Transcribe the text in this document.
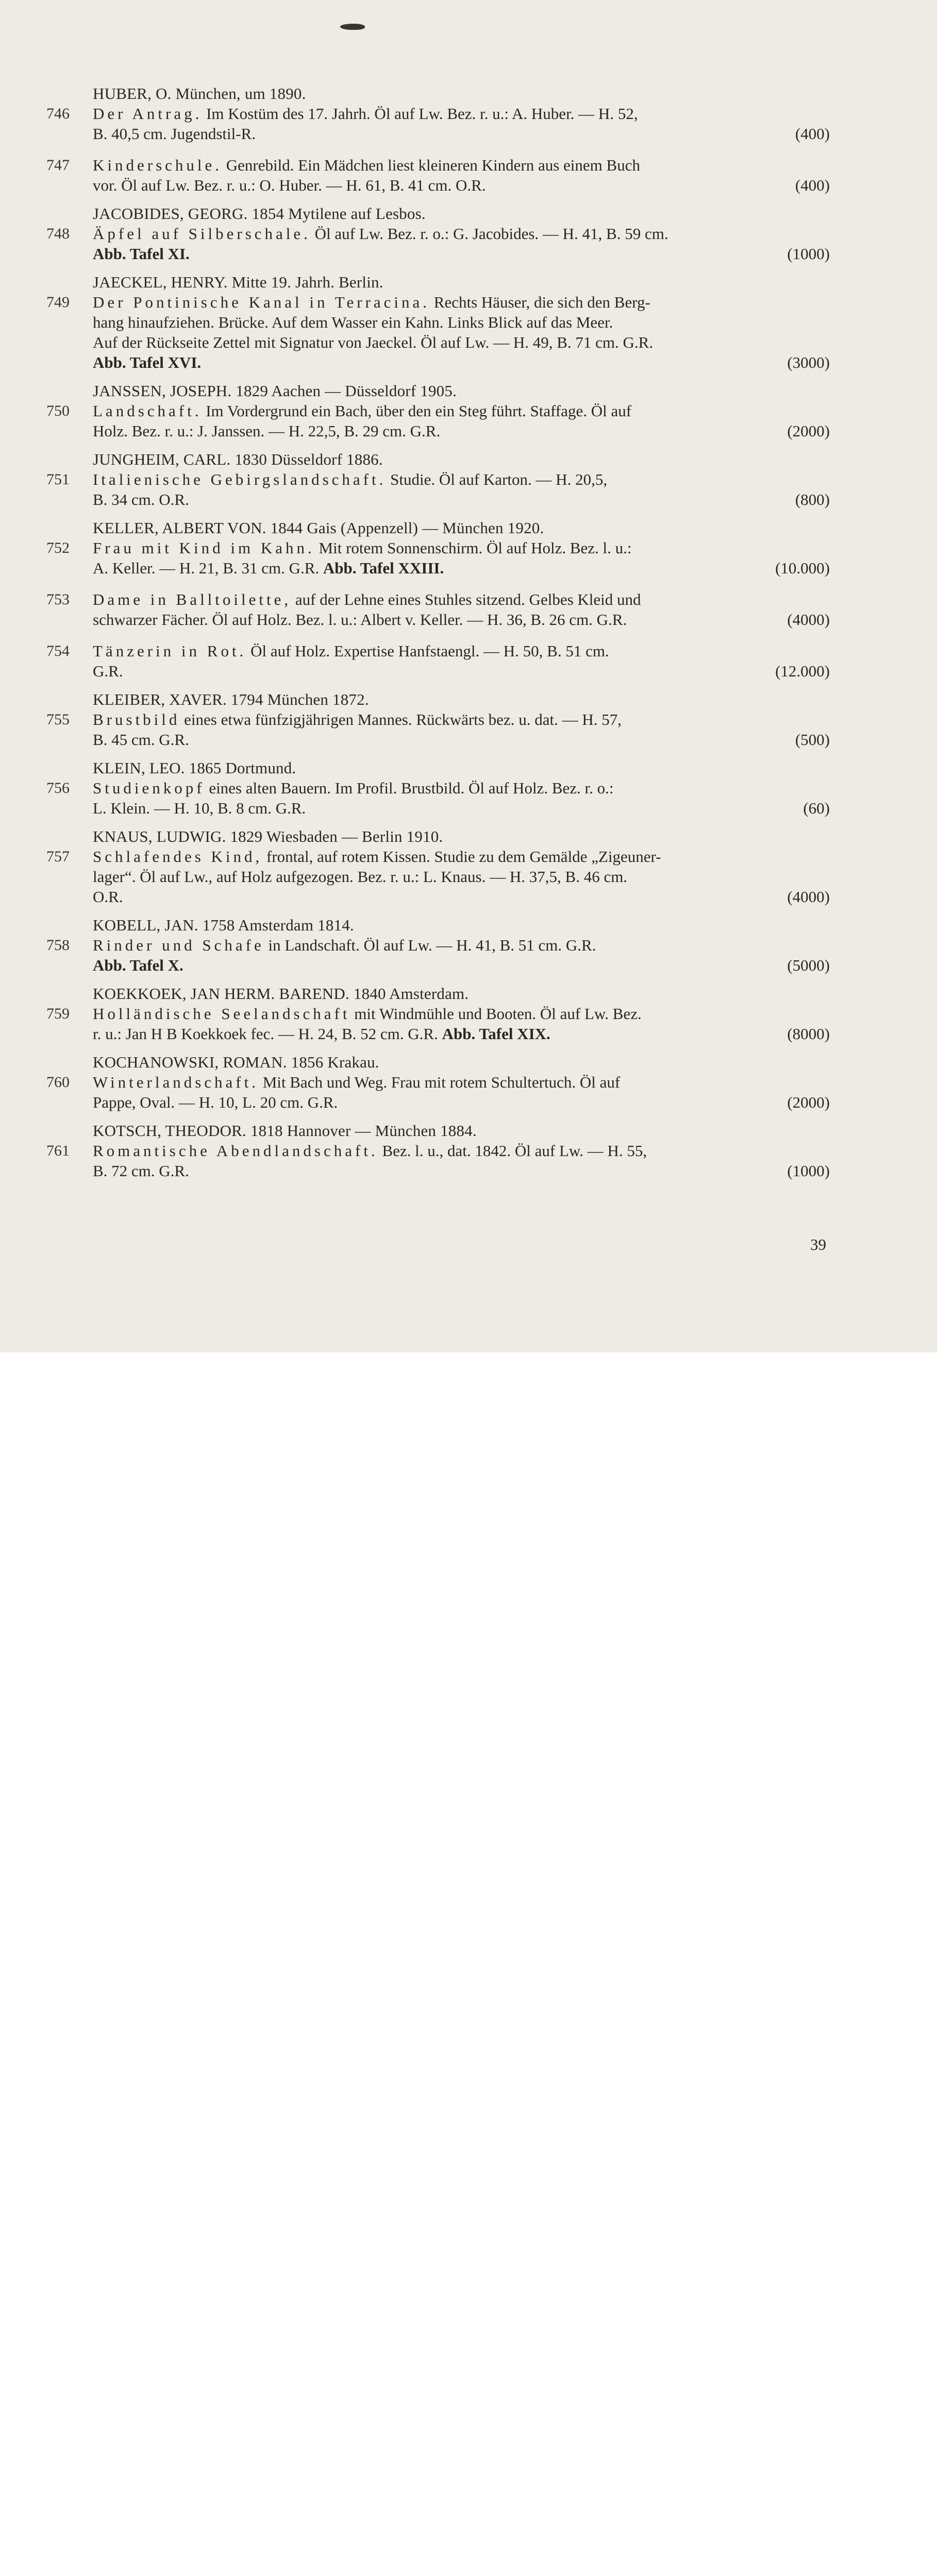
HUBER, O. München, um 1890.
746 Der Antrag. Im Kostüm des 17. Jahrh. Öl auf Lw. Bez. r. u.: A. Huber. — H. 52,
B. 40,5 cm. Jugendstil-R.	(400)
747 Kinderschule. Genrebild. Ein Mädchen liest kleineren Kindern aus einem Buch
vor. Öl auf Lw. Bez. r. u.: O. Huber. — H. 61, B. 41 cm. O.R.	(400)
JACOBIDES, GEORG. 1854 Mytilene auf Lesbos.
748 Äpfel auf Silberschale. Öl auf Lw. Bez. r. o.: G. Jacobides. — H. 41, B. 59 cm.
Abb. Tafel XI.	(1000)
JAECKEL, HENRY. Mitte 19. Jahrh. Berlin.
749 Der Pontinische Kanal in Terracina. Rechts Häuser, die sich den Berg-
hang hinaufziehen. Brücke. Auf dem Wasser ein Kahn. Links Blick auf das Meer.
Auf der Rückseite Zettel mit Signatur von Jaeckel. Öl auf Lw. — H. 49, B. 71 cm. G.R.
Abb. Tafel XVI.	(3000)
JANSSEN, JOSEPH. 1829 Aachen — Düsseldorf 1905.
750 Landschaft. Im Vordergrund ein Bach, über den ein Steg führt. Staffage. Öl auf
Holz. Bez. r. u.: J. Janssen. — H. 22,5, B. 29 cm. G.R.	(2000)
JUNGHEIM, CARL. 1830 Düsseldorf 1886.
751 Italienische Gebirgslandschaft. Studie. Öl auf Karton. — H. 20,5,
B. 34 cm. O.R.	(800)
KELLER, ALBERT VON. 1844 Gais (Appenzell) — München 1920.
752 Frau mit Kind im Kahn. Mit rotem Sonnenschirm. Öl auf Holz. Bez. l. u.:
A. Keller. — H. 21, B. 31 cm. G.R. Abb. Tafel XXIII.	(10.000)
753 Dame in Balltoilette, auf der Lehne eines Stuhles sitzend. Gelbes Kleid und
schwarzer Fächer. Öl auf Holz. Bez. l. u.: Albert v. Keller. — H. 36, B. 26 cm. G.R.	(4000)
754 Tänzerin in Rot. Öl auf Holz. Expertise Hanfstaengl. — H. 50, B. 51 cm.
G.R.	(12.000)
KLEIBER, XAVER. 1794 München 1872.
755 Brustbild eines etwa fünfzigjährigen Mannes. Rückwärts bez. u. dat. — H. 57,
B. 45 cm. G.R.	(500)
KLEIN, LEO. 1865 Dortmund.
756 Studienkopf eines alten Bauern. Im Profil. Brustbild. Öl auf Holz. Bez. r. o.:
L. Klein. — H. 10, B. 8 cm. G.R.	(60)
KNAUS, LUDWIG. 1829 Wiesbaden — Berlin 1910.
757 Schlafendes Kind, frontal, auf rotem Kissen. Studie zu dem Gemälde „Zigeuner-
lager“. Öl auf Lw., auf Holz aufgezogen. Bez. r. u.: L. Knaus. — H. 37,5, B. 46 cm.
O.R.	(4000)
KOBELL, JAN. 1758 Amsterdam 1814.
758 Rinder und Schafe in Landschaft. Öl auf Lw. — H. 41, B. 51 cm. G.R.
Abb. Tafel X.	(5000)
KOEKKOEK, JAN HERM. BAREND. 1840 Amsterdam.
759 Holländische Seelandschaft mit Windmühle und Booten. Öl auf Lw. Bez.
r. u.: Jan H B Koekkoek fec. — H. 24, B. 52 cm. G.R. Abb. Tafel XIX.	(8000)
KOCHANOWSKI, ROMAN. 1856 Krakau.
760 Winterlandschaft. Mit Bach und Weg. Frau mit rotem Schultertuch. Öl auf
Pappe, Oval. — H. 10, L. 20 cm. G.R.	(2000)
KOTSCH, THEODOR. 1818 Hannover — München 1884.
761 Romantische Abendlandschaft. Bez. l. u., dat. 1842. Öl auf Lw. — H. 55,
B. 72 cm. G.R.	(1000)
39
